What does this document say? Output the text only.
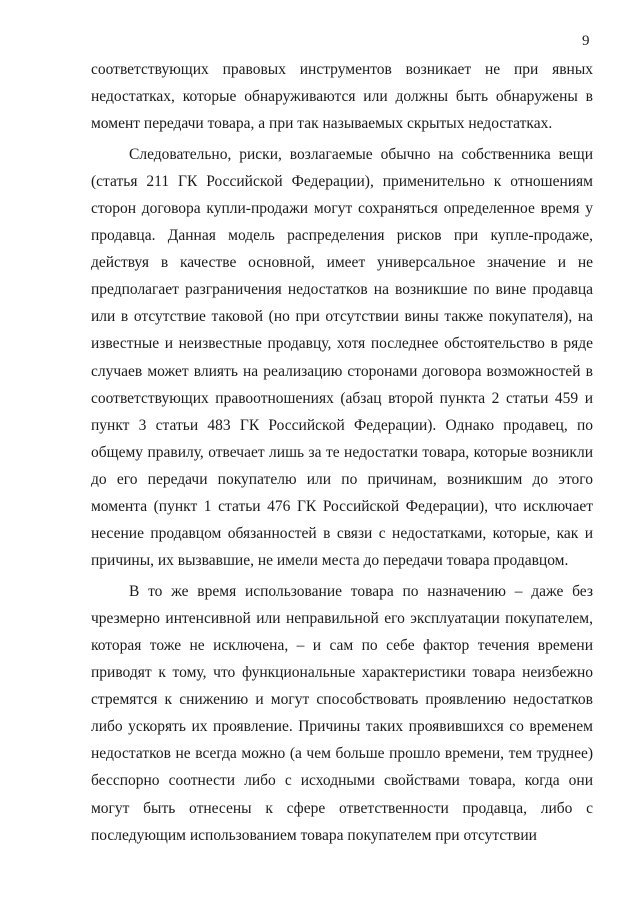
9

соответствующих правовых инструментов возникает не при явных недостатках, которые обнаруживаются или должны быть обнаружены в момент передачи товара, а при так называемых скрытых недостатках.

Следовательно, риски, возлагаемые обычно на собственника вещи (статья 211 ГК Российской Федерации), применительно к отношениям сторон договора купли-продажи могут сохраняться определенное время у продавца. Данная модель распределения рисков при купле-продаже, действуя в качестве основной, имеет универсальное значение и не предполагает разграничения недостатков на возникшие по вине продавца или в отсутствие таковой (но при отсутствии вины также покупателя), на известные и неизвестные продавцу, хотя последнее обстоятельство в ряде случаев может влиять на реализацию сторонами договора возможностей в соответствующих правоотношениях (абзац второй пункта 2 статьи 459 и пункт 3 статьи 483 ГК Российской Федерации). Однако продавец, по общему правилу, отвечает лишь за те недостатки товара, которые возникли до его передачи покупателю или по причинам, возникшим до этого момента (пункт 1 статьи 476 ГК Российской Федерации), что исключает несение продавцом обязанностей в связи с недостатками, которые, как и причины, их вызвавшие, не имели места до передачи товара продавцом.

В то же время использование товара по назначению – даже без чрезмерно интенсивной или неправильной его эксплуатации покупателем, которая тоже не исключена, – и сам по себе фактор течения времени приводят к тому, что функциональные характеристики товара неизбежно стремятся к снижению и могут способствовать проявлению недостатков либо ускорять их проявление. Причины таких проявившихся со временем недостатков не всегда можно (а чем больше прошло времени, тем труднее) бесспорно соотнести либо с исходными свойствами товара, когда они могут быть отнесены к сфере ответственности продавца, либо с последующим использованием товара покупателем при отсутствии
